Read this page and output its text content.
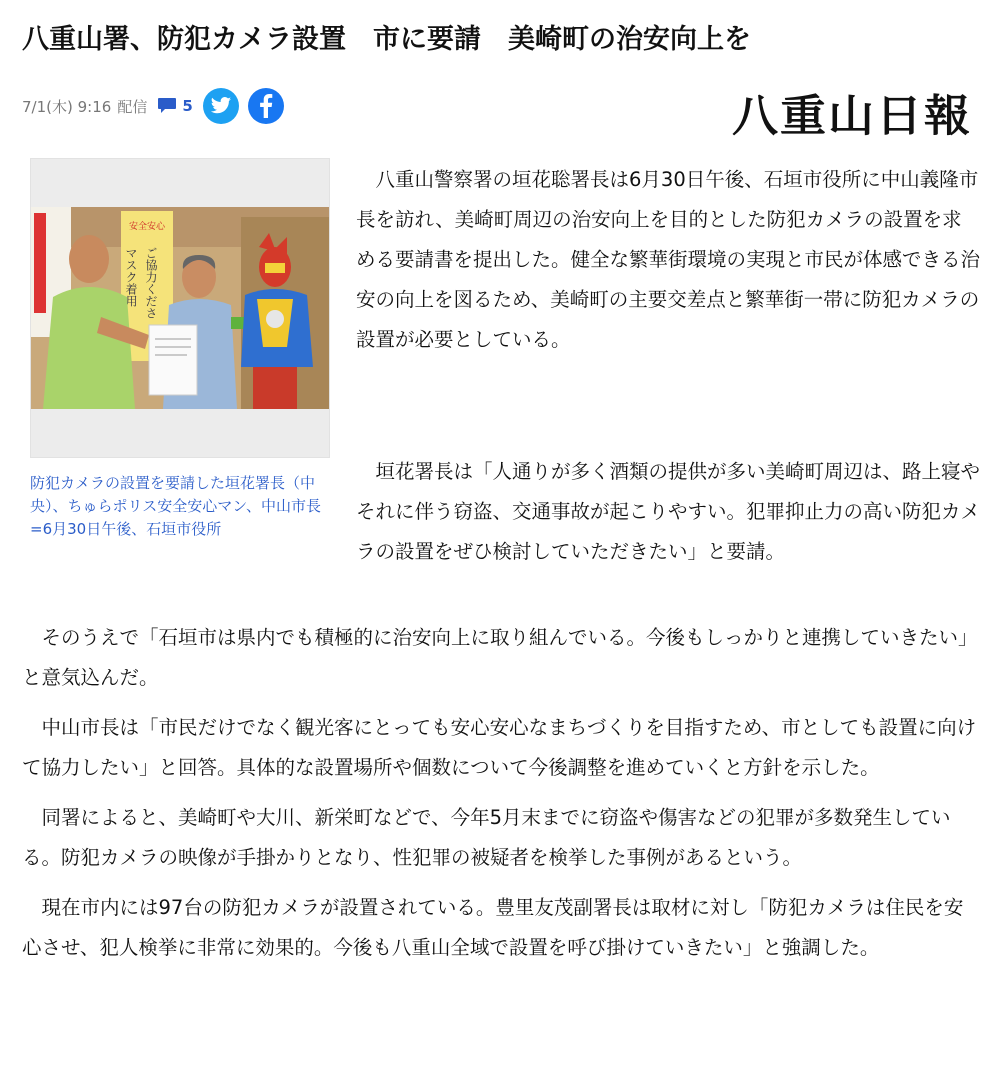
八重山署、防犯カメラ設置　市に要請　美崎町の治安向上を
7/1(木) 9:16 配信 5	八重山日報
安全安心
マスク着用 ご協力くださ
防犯カメラの設置を要請した垣花署長（中央）、ちゅらポリス安全安心マン、中山市長=6月30日午後、石垣市役所

八重山警察署の垣花聡署長は6月30日午後、石垣市役所に中山義隆市長を訪れ、美崎町周辺の治安向上を目的とした防犯カメラの設置を求める要請書を提出した。健全な繁華街環境の実現と市民が体感できる治安の向上を図るため、美崎町の主要交差点と繁華街一帯に防犯カメラの設置が必要としている。

垣花署長は「人通りが多く酒類の提供が多い美崎町周辺は、路上寝やそれに伴う窃盗、交通事故が起こりやすい。犯罪抑止力の高い防犯カメラの設置をぜひ検討していただきたい」と要請。

そのうえで「石垣市は県内でも積極的に治安向上に取り組んでいる。今後もしっかりと連携していきたい」と意気込んだ。

中山市長は「市民だけでなく観光客にとっても安心安心なまちづくりを目指すため、市としても設置に向けて協力したい」と回答。具体的な設置場所や個数について今後調整を進めていくと方針を示した。

同署によると、美崎町や大川、新栄町などで、今年5月末までに窃盗や傷害などの犯罪が多数発生している。防犯カメラの映像が手掛かりとなり、性犯罪の被疑者を検挙した事例があるという。

現在市内には97台の防犯カメラが設置されている。豊里友茂副署長は取材に対し「防犯カメラは住民を安心させ、犯人検挙に非常に効果的。今後も八重山全域で設置を呼び掛けていきたい」と強調した。
